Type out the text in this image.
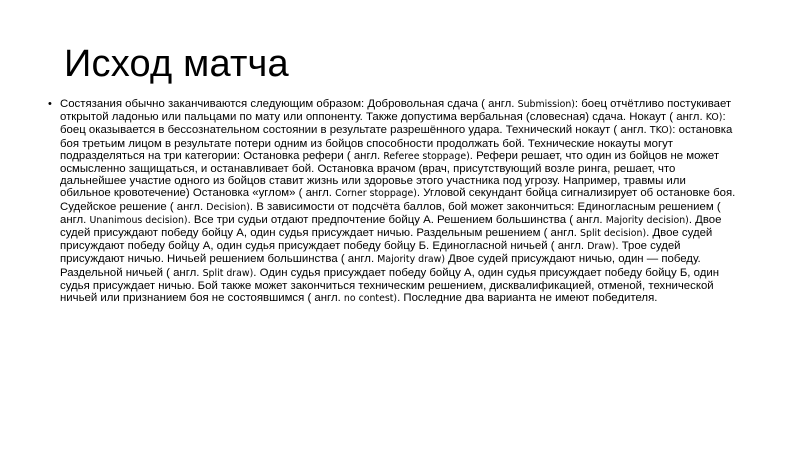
Исход матча
• Состязания обычно заканчиваются следующим образом: Добровольная сдача ( англ. Submission): боец отчётливо постукивает открытой ладонью или пальцами по мату или оппоненту. Также допустима вербальная (словесная) сдача. Нокаут ( англ. KO): боец оказывается в бессознательном состоянии в результате разрешённого удара. Технический нокаут ( англ. TKO): остановка боя третьим лицом в результате потери одним из бойцов способности продолжать бой. Технические нокауты могут подразделяться на три категории: Остановка рефери ( англ. Referee stoppage). Рефери решает, что один из бойцов не может осмысленно защищаться, и останавливает бой. Остановка врачом (врач, присутствующий возле ринга, решает, что дальнейшее участие одного из бойцов ставит жизнь или здоровье этого участника под угрозу. Например, травмы или обильное кровотечение) Остановка «углом» ( англ. Corner stoppage). Угловой секундант бойца сигнализирует об остановке боя. Судейское решение ( англ. Decision). В зависимости от подсчёта баллов, бой может закончиться: Единогласным решением ( англ. Unanimous decision). Все три судьи отдают предпочтение бойцу А. Решением большинства ( англ. Majority decision). Двое судей присуждают победу бойцу А, один судья присуждает ничью. Раздельным решением ( англ. Split decision). Двое судей присуждают победу бойцу А, один судья присуждает победу бойцу Б. Единогласной ничьей ( англ. Draw). Трое судей присуждают ничью. Ничьей решением большинства ( англ. Majority draw) Двое судей присуждают ничью, один — победу. Раздельной ничьей ( англ. Split draw). Один судья присуждает победу бойцу А, один судья присуждает победу бойцу Б, один судья присуждает ничью. Бой также может закончиться техническим решением, дисквалификацией, отменой, технической ничьей или признанием боя не состоявшимся ( англ. no contest). Последние два варианта не имеют победителя.
